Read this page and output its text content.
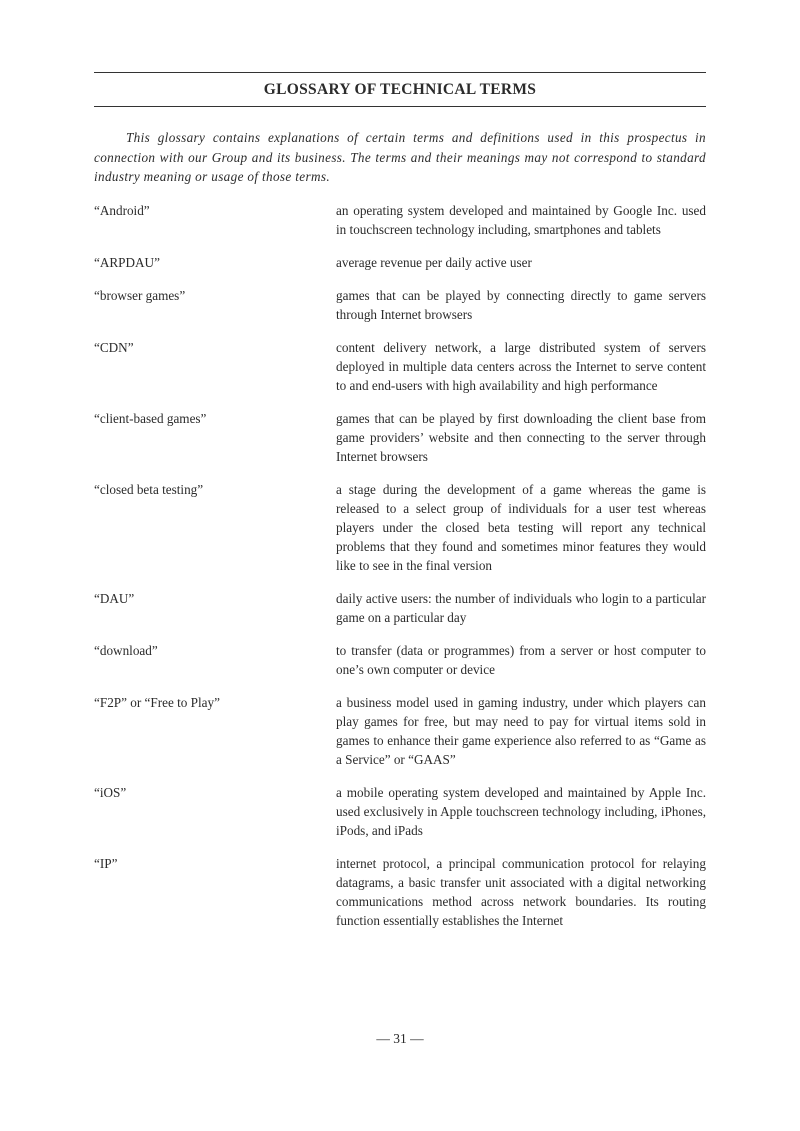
GLOSSARY OF TECHNICAL TERMS

This glossary contains explanations of certain terms and definitions used in this prospectus in connection with our Group and its business. The terms and their meanings may not correspond to standard industry meaning or usage of those terms.

“Android”	an operating system developed and maintained by Google Inc. used in touchscreen technology including, smartphones and tablets
“ARPDAU”	average revenue per daily active user
“browser games”	games that can be played by connecting directly to game servers through Internet browsers
“CDN”	content delivery network, a large distributed system of servers deployed in multiple data centers across the Internet to serve content to and end-users with high availability and high performance
“client-based games”	games that can be played by first downloading the client base from game providers’ website and then connecting to the server through Internet browsers
“closed beta testing”	a stage during the development of a game whereas the game is released to a select group of individuals for a user test whereas players under the closed beta testing will report any technical problems that they found and sometimes minor features they would like to see in the final version
“DAU”	daily active users: the number of individuals who login to a particular game on a particular day
“download”	to transfer (data or programmes) from a server or host computer to one’s own computer or device
“F2P” or “Free to Play”	a business model used in gaming industry, under which players can play games for free, but may need to pay for virtual items sold in games to enhance their game experience also referred to as “Game as a Service” or “GAAS”
“iOS”	a mobile operating system developed and maintained by Apple Inc. used exclusively in Apple touchscreen technology including, iPhones, iPods, and iPads
“IP”	internet protocol, a principal communication protocol for relaying datagrams, a basic transfer unit associated with a digital networking communications method across network boundaries. Its routing function essentially establishes the Internet
— 31 —
